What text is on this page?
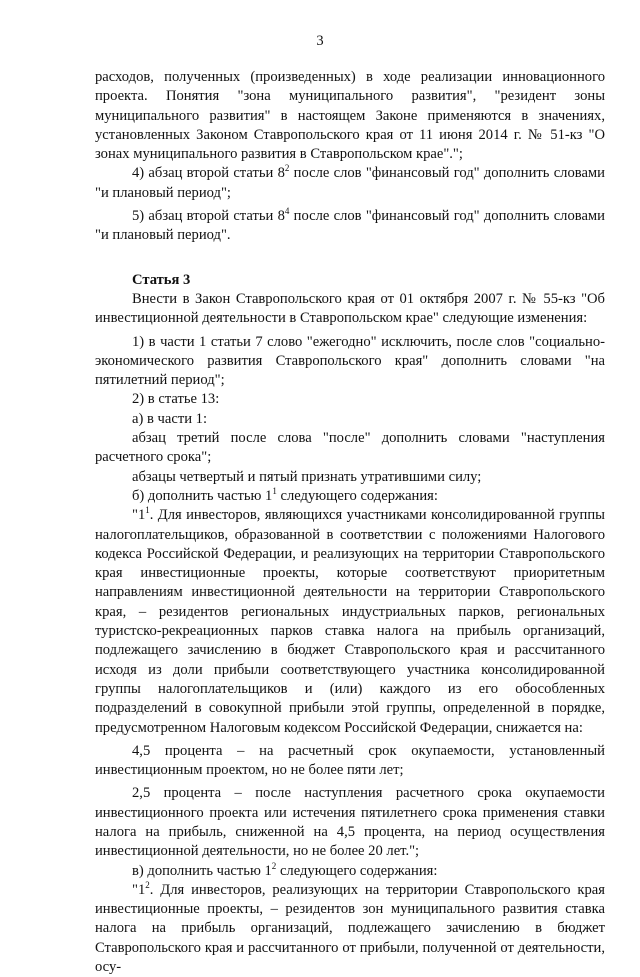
3

расходов, полученных (произведенных) в ходе реализации инновационного проекта. Понятия "зона муниципального развития", "резидент зоны муниципального развития" в настоящем Законе применяются в значениях, установленных Законом Ставропольского края от 11 июня 2014 г. № 51-кз "О зонах муниципального развития в Ставропольском крае".";

4) абзац второй статьи $8^2$ после слов "финансовый год" дополнить словами "и плановый период";

5) абзац второй статьи $8^4$ после слов "финансовый год" дополнить словами "и плановый период".

Статья 3

Внести в Закон Ставропольского края от 01 октября 2007 г. № 55-кз "Об инвестиционной деятельности в Ставропольском крае" следующие изменения:

1) в части 1 статьи 7 слово "ежегодно" исключить, после слов "социально-экономического развития Ставропольского края" дополнить словами "на пятилетний период";

2) в статье 13:

а) в части 1:

абзац третий после слова "после" дополнить словами "наступления расчетного срока";

абзацы четвертый и пятый признать утратившими силу;

б) дополнить частью $1^1$ следующего содержания:

"$1^1$. Для инвесторов, являющихся участниками консолидированной группы налогоплательщиков, образованной в соответствии с положениями Налогового кодекса Российской Федерации, и реализующих на территории Ставропольского края инвестиционные проекты, которые соответствуют приоритетным направлениям инвестиционной деятельности на территории Ставропольского края, – резидентов региональных индустриальных парков, региональных туристско-рекреационных парков ставка налога на прибыль организаций, подлежащего зачислению в бюджет Ставропольского края и рассчитанного исходя из доли прибыли соответствующего участника консолидированной группы налогоплательщиков и (или) каждого из его обособленных подразделений в совокупной прибыли этой группы, определенной в порядке, предусмотренном Налоговым кодексом Российской Федерации, снижается на:

4,5 процента – на расчетный срок окупаемости, установленный инвестиционным проектом, но не более пяти лет;

2,5 процента – после наступления расчетного срока окупаемости инвестиционного проекта или истечения пятилетнего срока применения ставки налога на прибыль, сниженной на 4,5 процента, на период осуществления инвестиционной деятельности, но не более 20 лет.";

в) дополнить частью $1^2$ следующего содержания:

"$1^2$. Для инвесторов, реализующих на территории Ставропольского края инвестиционные проекты, – резидентов зон муниципального развития ставка налога на прибыль организаций, подлежащего зачислению в бюджет Ставропольского края и рассчитанного от прибыли, полученной от деятельности, осу-
